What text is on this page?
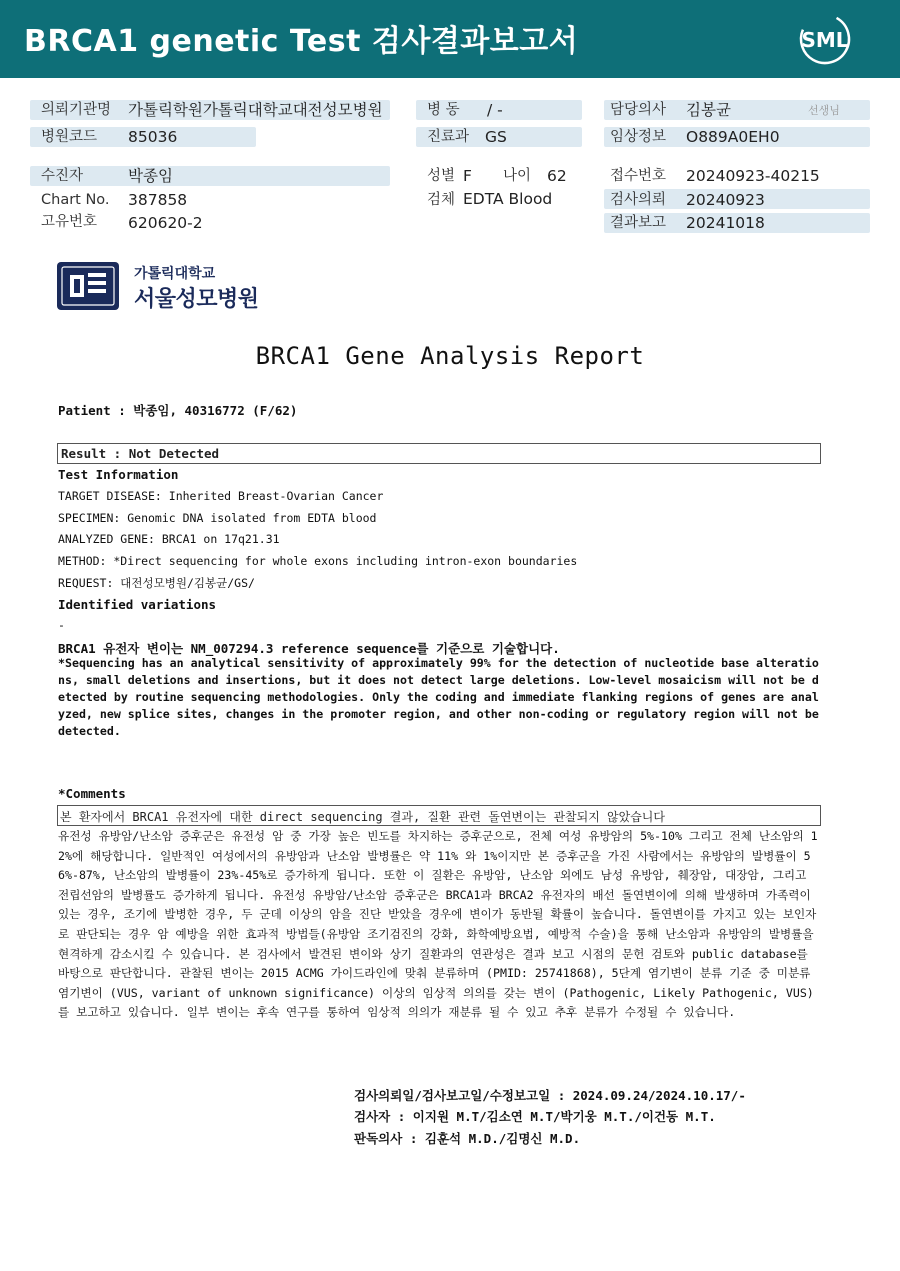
BRCA1 genetic Test 검사결과보고서	SML
의뢰기관명 가톨릭학원가톨릭대학교대전성모병원
병원코드 85036
수진자	박종임
Chart No. 387858
고유번호 620620-2
병 동 / -
진료과 GS
성별 F 나이 62
검체 EDTA Blood
담당의사 김봉균	선생님
임상정보 O889A0EH0
접수번호 20240923-40215
검사의뢰 20240923
결과보고 20241018
가톨릭대학교
서울성모병원
BRCA1 Gene Analysis Report
Patient : 박종임, 40316772 (F/62)
Result : Not Detected
Test Information
TARGET DISEASE: Inherited Breast-Ovarian Cancer
SPECIMEN: Genomic DNA isolated from EDTA blood
ANALYZED GENE: BRCA1 on 17q21.31
METHOD: *Direct sequencing for whole exons including intron-exon boundaries
REQUEST: 대전성모병원/김봉균/GS/
Identified variations
-
BRCA1 유전자 변이는 NM_007294.3 reference sequence를 기준으로 기술합니다.
*Sequencing has an analytical sensitivity of approximately 99% for the detection of nucleotide base alterations, small deletions and insertions, but it does not detect large deletions. Low-level mosaicism will not be detected by routine sequencing methodologies. Only the coding and immediate flanking regions of genes are analyzed, new splice sites, changes in the promoter region, and other non-coding or regulatory region will not be detected.
*Comments
본 환자에서 BRCA1 유전자에 대한 direct sequencing 결과, 질환 관련 돌연변이는 관찰되지 않았습니다
유전성 유방암/난소암 증후군은 유전성 암 중 가장 높은 빈도를 차지하는 증후군으로, 전체 여성 유방암의 5%-10% 그리고 전체 난소암의 12%에 해당합니다. 일반적인 여성에서의 유방암과 난소암 발병률은 약 11% 와 1%이지만 본 증후군을 가진 사람에서는 유방암의 발병률이 56%-87%, 난소암의 발병률이 23%-45%로 증가하게 됩니다. 또한 이 질환은 유방암, 난소암 외에도 남성 유방암, 췌장암, 대장암, 그리고 전립선암의 발병률도 증가하게 됩니다. 유전성 유방암/난소암 증후군은 BRCA1과 BRCA2 유전자의 배선 돌연변이에 의해 발생하며 가족력이 있는 경우, 조기에 발병한 경우, 두 군데 이상의 암을 진단 받았을 경우에 변이가 동반될 확률이 높습니다. 돌연변이를 가지고 있는 보인자로 판단되는 경우 암 예방을 위한 효과적 방법들(유방암 조기검진의 강화, 화학예방요법, 예방적 수술)을 통해 난소암과 유방암의 발병률을 현격하게 감소시킬 수 있습니다. 본 검사에서 발견된 변이와 상기 질환과의 연관성은 결과 보고 시점의 문헌 검토와 public database를 바탕으로 판단합니다. 관찰된 변이는 2015 ACMG 가이드라인에 맞춰 분류하며 (PMID: 25741868), 5단계 염기변이 분류 기준 중 미분류 염기변이 (VUS, variant of unknown significance) 이상의 임상적 의의를 갖는 변이 (Pathogenic, Likely Pathogenic, VUS) 를 보고하고 있습니다. 일부 변이는 후속 연구를 통하여 임상적 의의가 재분류 될 수 있고 추후 분류가 수정될 수 있습니다.
검사의뢰일/검사보고일/수정보고일 : 2024.09.24/2024.10.17/-
검사자 : 이지원 M.T/김소연 M.T/박기웅 M.T./이건동 M.T.
판독의사 : 김훈석 M.D./김명신 M.D.
